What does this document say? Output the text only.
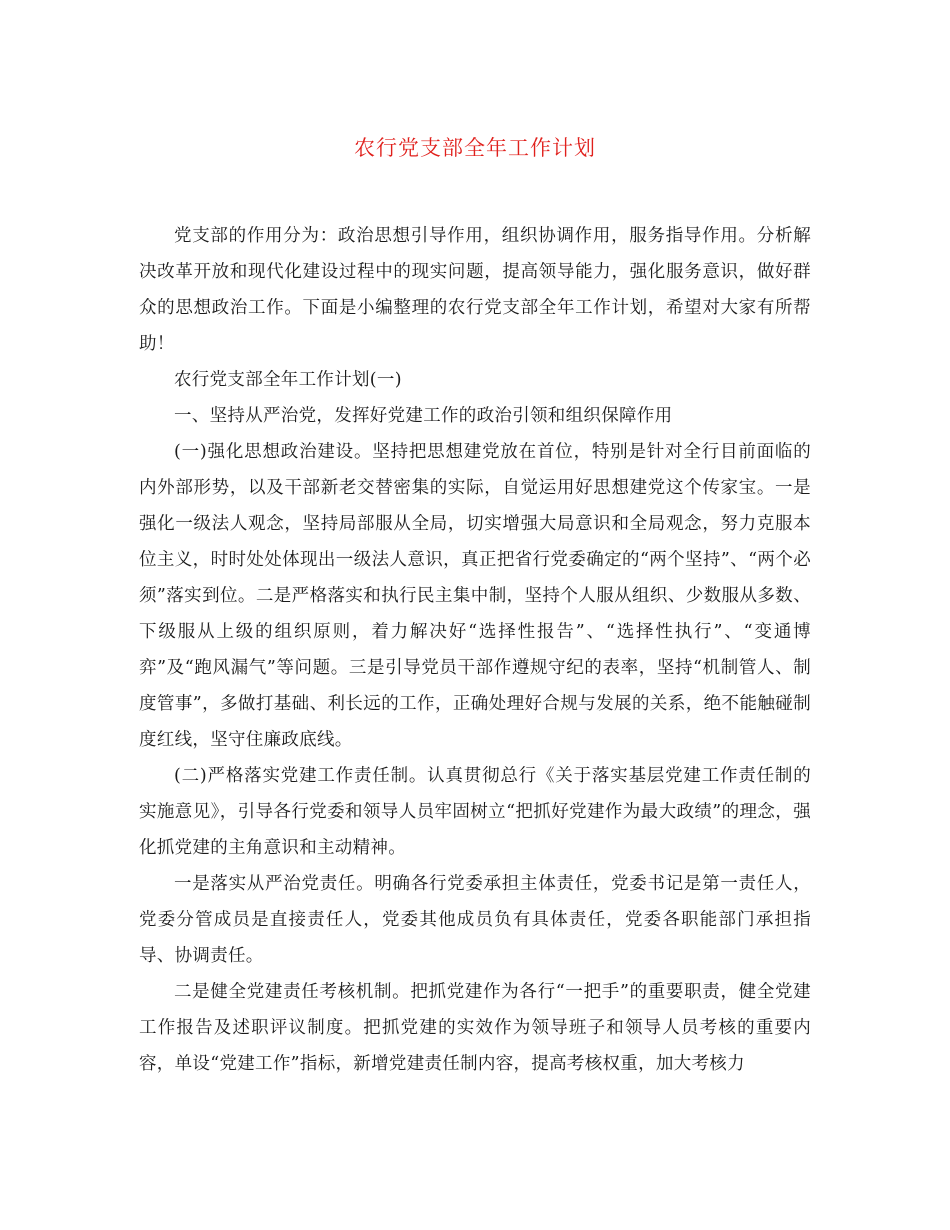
农行党支部全年工作计划

党支部的作用分为：政治思想引导作用，组织协调作用，服务指导作用。分析解决改革开放和现代化建设过程中的现实问题，提高领导能力，强化服务意识，做好群众的思想政治工作。下面是小编整理的农行党支部全年工作计划，希望对大家有所帮助！

农行党支部全年工作计划(一)

一、坚持从严治党，发挥好党建工作的政治引领和组织保障作用

(一)强化思想政治建设。坚持把思想建党放在首位，特别是针对全行目前面临的内外部形势，以及干部新老交替密集的实际，自觉运用好思想建党这个传家宝。一是强化一级法人观念，坚持局部服从全局，切实增强大局意识和全局观念，努力克服本位主义，时时处处体现出一级法人意识，真正把省行党委确定的“两个坚持”、“两个必须”落实到位。二是严格落实和执行民主集中制，坚持个人服从组织、少数服从多数、下级服从上级的组织原则，着力解决好“选择性报告”、“选择性执行”、“变通博弈”及“跑风漏气”等问题。三是引导党员干部作遵规守纪的表率，坚持“机制管人、制度管事”，多做打基础、利长远的工作，正确处理好合规与发展的关系，绝不能触碰制度红线，坚守住廉政底线。

(二)严格落实党建工作责任制。认真贯彻总行《关于落实基层党建工作责任制的实施意见》，引导各行党委和领导人员牢固树立“把抓好党建作为最大政绩”的理念，强化抓党建的主角意识和主动精神。

一是落实从严治党责任。明确各行党委承担主体责任，党委书记是第一责任人，党委分管成员是直接责任人，党委其他成员负有具体责任，党委各职能部门承担指导、协调责任。

二是健全党建责任考核机制。把抓党建作为各行“一把手”的重要职责，健全党建工作报告及述职评议制度。把抓党建的实效作为领导班子和领导人员考核的重要内容，单设“党建工作”指标，新增党建责任制内容，提高考核权重，加大考核力
